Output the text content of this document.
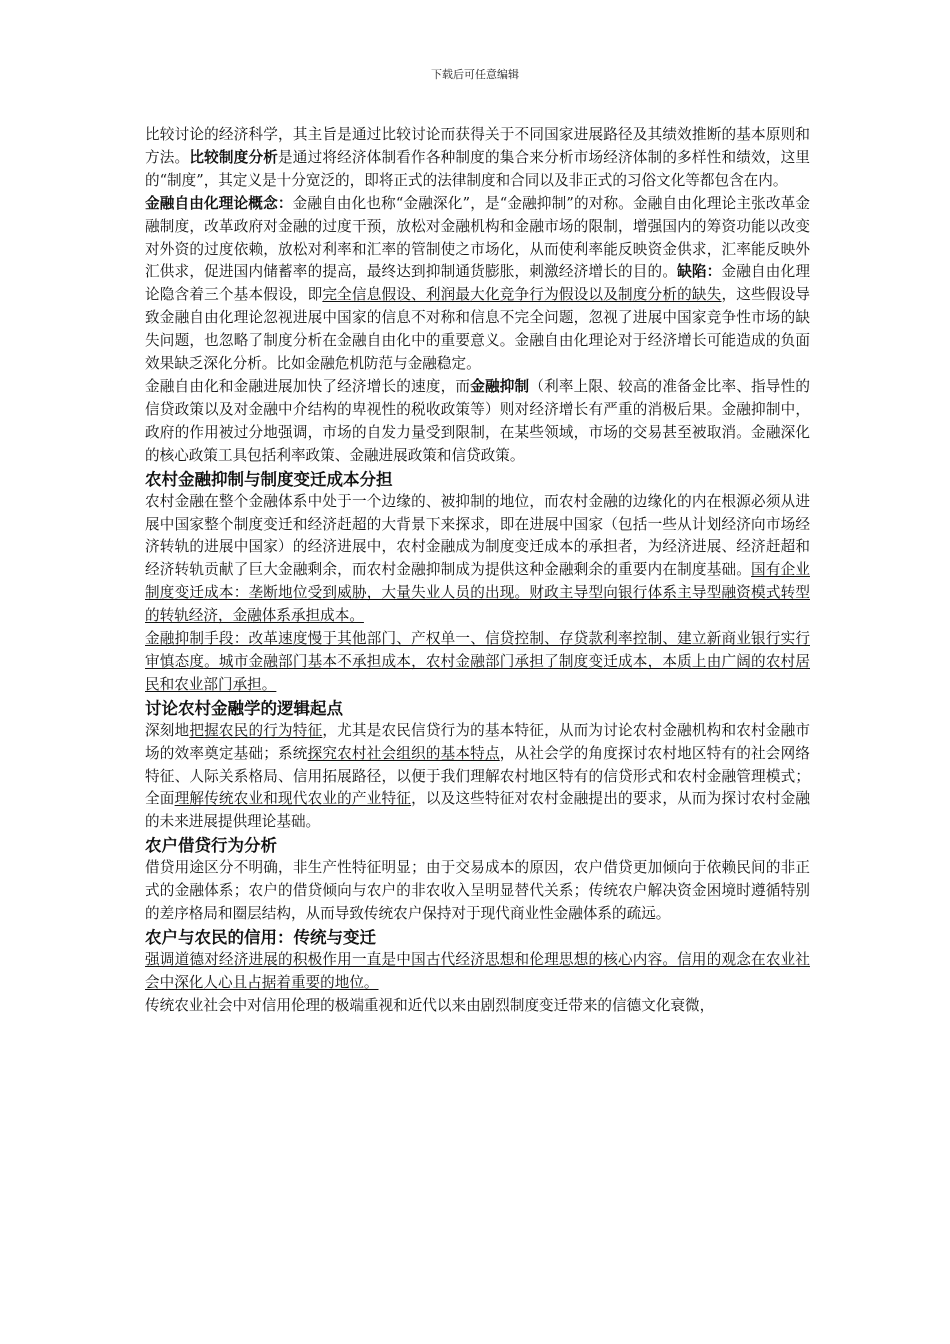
下载后可任意编辑

比较讨论的经济科学，其主旨是通过比较讨论而获得关于不同国家进展路径及其绩效推断的基本原则和方法。比较制度分析是通过将经济体制看作各种制度的集合来分析市场经济体制的多样性和绩效，这里的“制度”，其定义是十分宽泛的，即将正式的法律制度和合同以及非正式的习俗文化等都包含在内。

金融自由化理论概念：金融自由化也称“金融深化”，是“金融抑制”的对称。金融自由化理论主张改革金融制度，改革政府对金融的过度干预，放松对金融机构和金融市场的限制，增强国内的筹资功能以改变对外资的过度依赖，放松对利率和汇率的管制使之市场化，从而使利率能反映资金供求，汇率能反映外汇供求，促进国内储蓄率的提高，最终达到抑制通货膨胀，刺激经济增长的目的。缺陷：金融自由化理论隐含着三个基本假设，即完全信息假设、利润最大化竞争行为假设以及制度分析的缺失，这些假设导致金融自由化理论忽视进展中国家的信息不对称和信息不完全问题，忽视了进展中国家竞争性市场的缺失问题，也忽略了制度分析在金融自由化中的重要意义。金融自由化理论对于经济增长可能造成的负面效果缺乏深化分析。比如金融危机防范与金融稳定。

金融自由化和金融进展加快了经济增长的速度，而金融抑制（利率上限、较高的准备金比率、指导性的信贷政策以及对金融中介结构的卑视性的税收政策等）则对经济增长有严重的消极后果。金融抑制中，政府的作用被过分地强调，市场的自发力量受到限制，在某些领域，市场的交易甚至被取消。金融深化的核心政策工具包括利率政策、金融进展政策和信贷政策。

农村金融抑制与制度变迁成本分担

农村金融在整个金融体系中处于一个边缘的、被抑制的地位，而农村金融的边缘化的内在根源必须从进展中国家整个制度变迁和经济赶超的大背景下来探求，即在进展中国家（包括一些从计划经济向市场经济转轨的进展中国家）的经济进展中，农村金融成为制度变迁成本的承担者，为经济进展、经济赶超和经济转轨贡献了巨大金融剩余，而农村金融抑制成为提供这种金融剩余的重要内在制度基础。国有企业制度变迁成本：垄断地位受到威胁，大量失业人员的出现。财政主导型向银行体系主导型融资模式转型的转轨经济，金融体系承担成本。

金融抑制手段：改革速度慢于其他部门、产权单一、信贷控制、存贷款利率控制、建立新商业银行实行审慎态度。城市金融部门基本不承担成本，农村金融部门承担了制度变迁成本，本质上由广阔的农村居民和农业部门承担。

讨论农村金融学的逻辑起点

深刻地把握农民的行为特征，尤其是农民信贷行为的基本特征，从而为讨论农村金融机构和农村金融市场的效率奠定基础；系统探究农村社会组织的基本特点，从社会学的角度探讨农村地区特有的社会网络特征、人际关系格局、信用拓展路径，以便于我们理解农村地区特有的信贷形式和农村金融管理模式；全面理解传统农业和现代农业的产业特征，以及这些特征对农村金融提出的要求，从而为探讨农村金融的未来进展提供理论基础。

农户借贷行为分析

借贷用途区分不明确，非生产性特征明显；由于交易成本的原因，农户借贷更加倾向于依赖民间的非正式的金融体系；农户的借贷倾向与农户的非农收入呈明显替代关系；传统农户解决资金困境时遵循特别的差序格局和圈层结构，从而导致传统农户保持对于现代商业性金融体系的疏远。

农户与农民的信用：传统与变迁

强调道德对经济进展的积极作用一直是中国古代经济思想和伦理思想的核心内容。信用的观念在农业社会中深化人心且占据着重要的地位。

传统农业社会中对信用伦理的极端重视和近代以来由剧烈制度变迁带来的信德文化衰微，
